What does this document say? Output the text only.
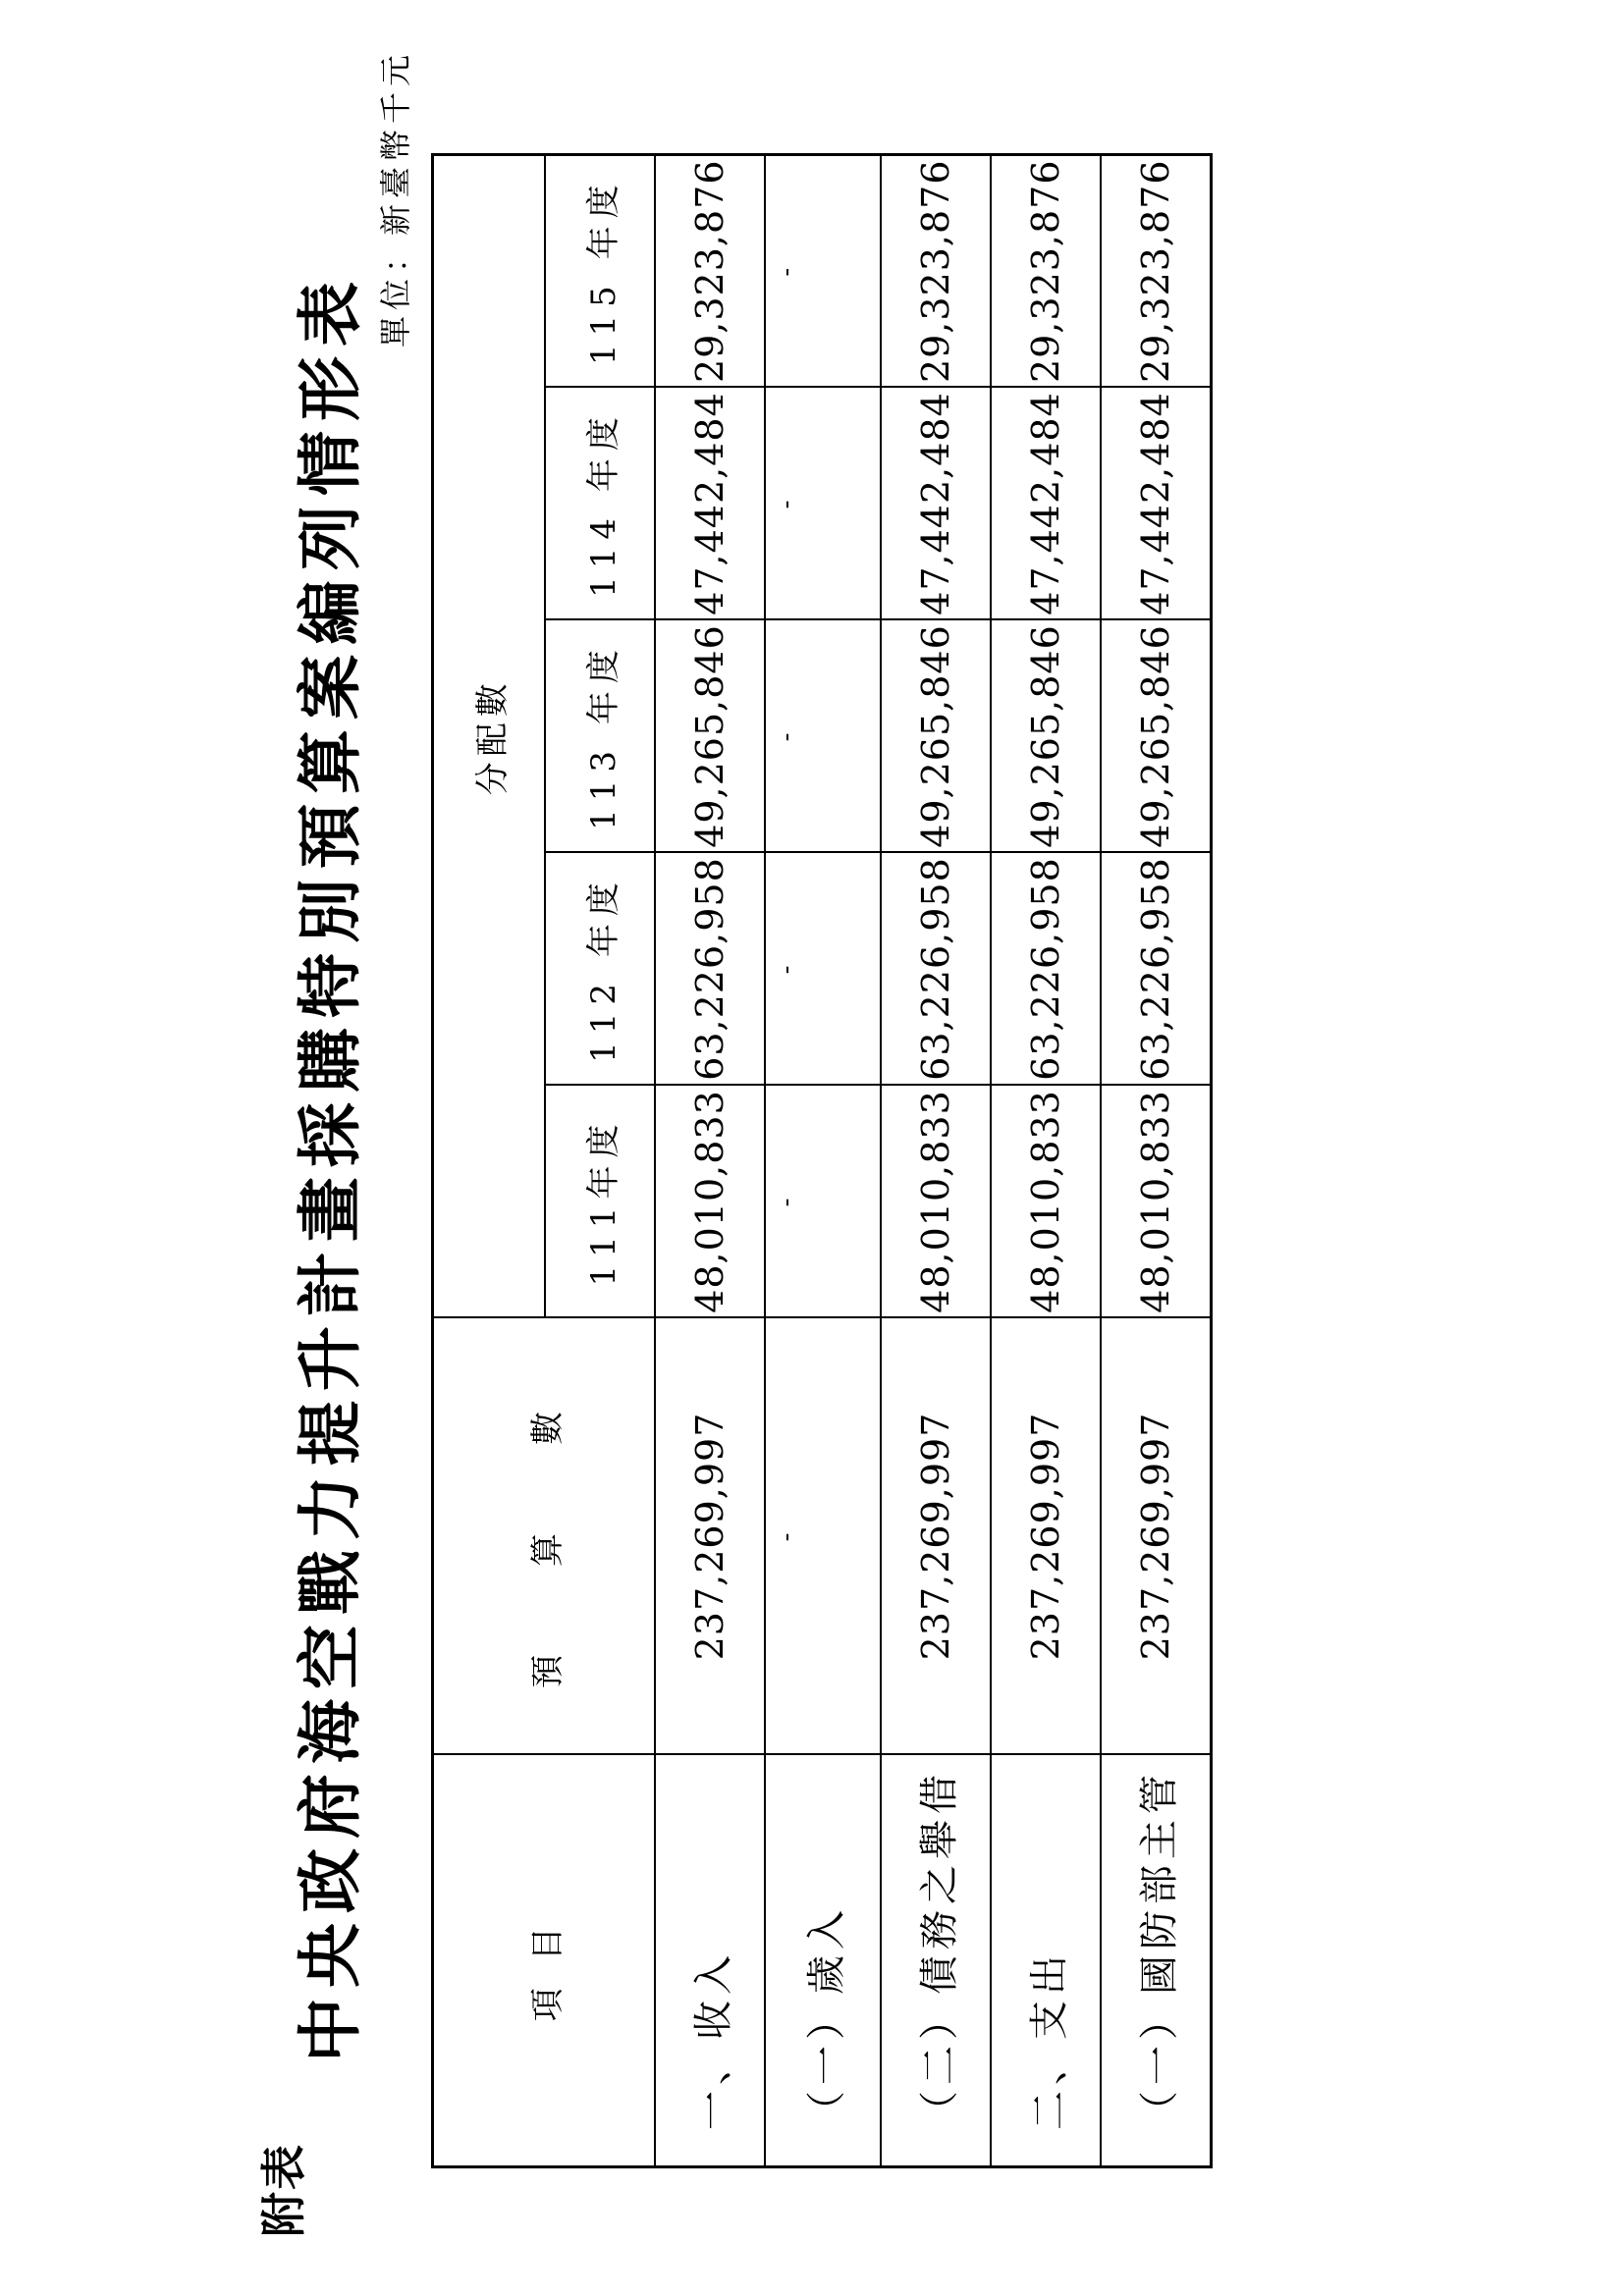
附表
中央政府海空戰力提升計畫採購特別預算案編列情形表
單位：新臺幣千元
項目	預　算　數	分配數				
		111年度	112 年度	113 年度	114 年度	115 年度
一、收入	237,269,997	48,010,833	63,226,958	49,265,846	47,442,484	29,323,876
（一）歲入	-	-	-	-	-	-
（二）債務之舉借	237,269,997	48,010,833	63,226,958	49,265,846	47,442,484	29,323,876
二、支出	237,269,997	48,010,833	63,226,958	49,265,846	47,442,484	29,323,876
（一）國防部主管	237,269,997	48,010,833	63,226,958	49,265,846	47,442,484	29,323,876
